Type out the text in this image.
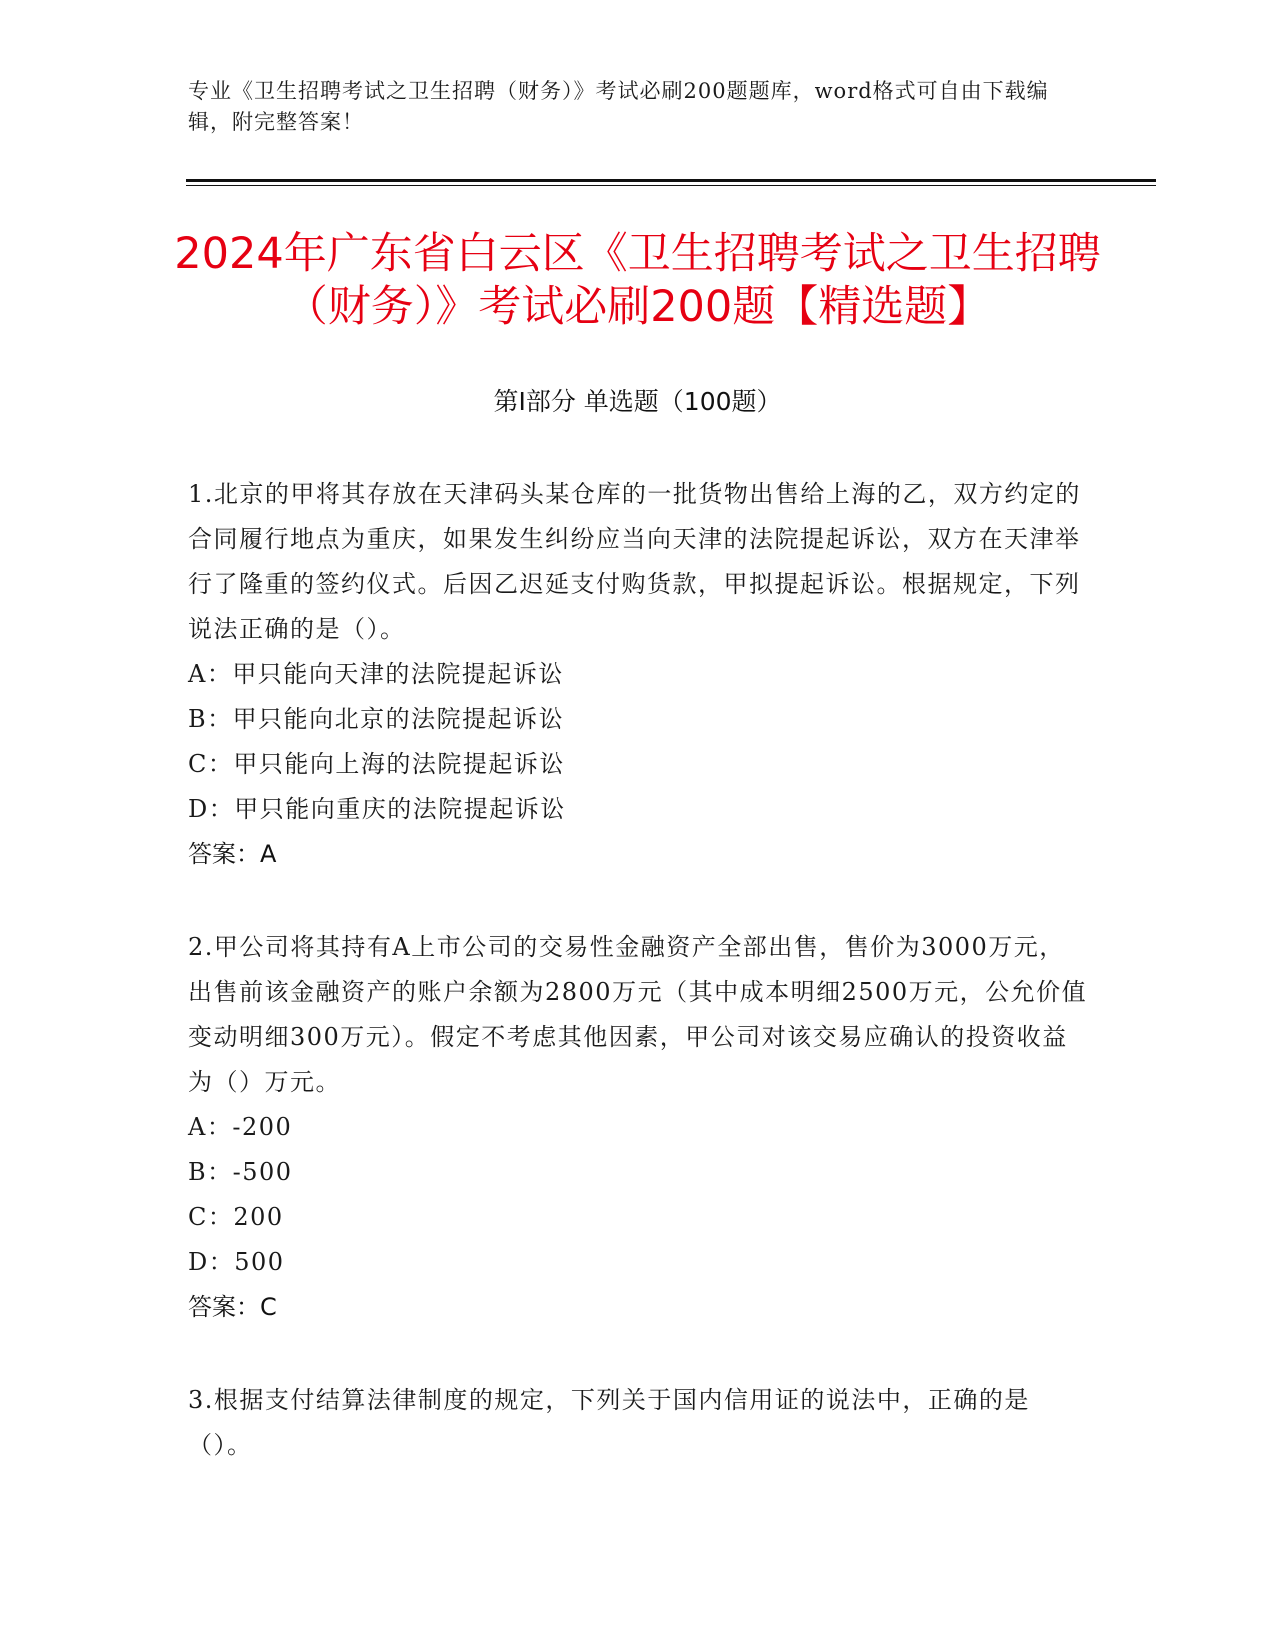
专业《卫生招聘考试之卫生招聘（财务）》考试必刷200题题库，word格式可自由下载编辑，附完整答案！
2024年广东省白云区《卫生招聘考试之卫生招聘（财务）》考试必刷200题【精选题】
第I部分 单选题（100题）
1.北京的甲将其存放在天津码头某仓库的一批货物出售给上海的乙，双方约定的合同履行地点为重庆，如果发生纠纷应当向天津的法院提起诉讼，双方在天津举行了隆重的签约仪式。后因乙迟延支付购货款，甲拟提起诉讼。根据规定，下列说法正确的是（）。
A：甲只能向天津的法院提起诉讼
B：甲只能向北京的法院提起诉讼
C：甲只能向上海的法院提起诉讼
D：甲只能向重庆的法院提起诉讼
答案：A
2.甲公司将其持有A上市公司的交易性金融资产全部出售，售价为3000万元，出售前该金融资产的账户余额为2800万元（其中成本明细2500万元，公允价值变动明细300万元）。假定不考虑其他因素，甲公司对该交易应确认的投资收益为（）万元。
A：-200
B：-500
C：200
D：500
答案：C
3.根据支付结算法律制度的规定，下列关于国内信用证的说法中，正确的是（）。
